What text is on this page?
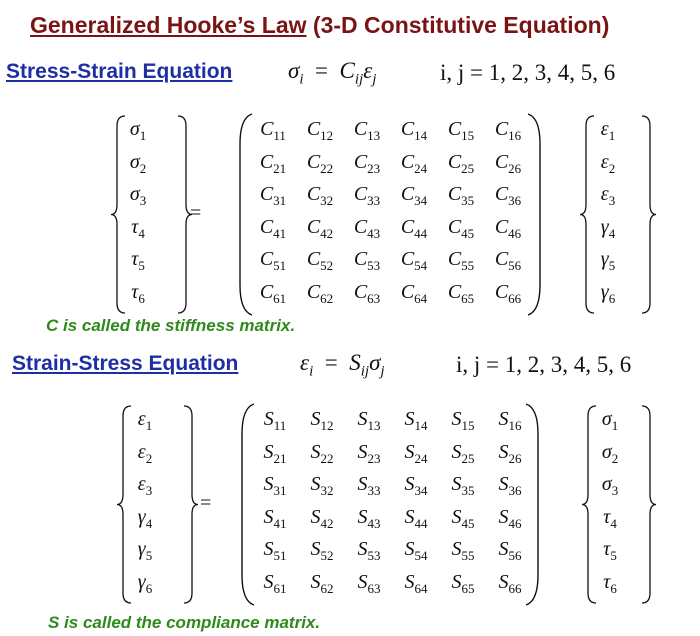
Generalized Hooke’s Law (3-D Constitutive Equation)
Stress-Strain Equation $\sigma_i = C_{ij}\varepsilon_j$	i, j = 1, 2, 3, 4, 5, 6
Strain-Stress Equation	$\varepsilon_i = S_{ij}\sigma_j$	i, j = 1, 2, 3, 4, 5, 6
C is called the stiffness matrix.
S is called the compliance matrix.
$\sigma_1$
$\sigma_2$
$\sigma_3$
$\tau_4$
$\tau_5$
$\tau_6$
=
$C_{11}$	$C_{12}$	$C_{13}$	$C_{14}$	$C_{15}$	$C_{16}$
$C_{21}$	$C_{22}$	$C_{23}$	$C_{24}$	$C_{25}$	$C_{26}$
$C_{31}$	$C_{32}$	$C_{33}$	$C_{34}$	$C_{35}$	$C_{36}$
$C_{41}$	$C_{42}$	$C_{43}$	$C_{44}$	$C_{45}$	$C_{46}$
$C_{51}$	$C_{52}$	$C_{53}$	$C_{54}$	$C_{55}$	$C_{56}$
$C_{61}$	$C_{62}$	$C_{63}$	$C_{64}$	$C_{65}$	$C_{66}$
$\varepsilon_1$
$\varepsilon_2$
$\varepsilon_3$
$\gamma_4$
$\gamma_5$
$\gamma_6$
$\varepsilon_1$
$\varepsilon_2$
$\varepsilon_3$
$\gamma_4$
$\gamma_5$
$\gamma_6$
=
$S_{11}$	$S_{12}$	$S_{13}$	$S_{14}$	$S_{15}$	$S_{16}$
$S_{21}$	$S_{22}$	$S_{23}$	$S_{24}$	$S_{25}$	$S_{26}$
$S_{31}$	$S_{32}$	$S_{33}$	$S_{34}$	$S_{35}$	$S_{36}$
$S_{41}$	$S_{42}$	$S_{43}$	$S_{44}$	$S_{45}$	$S_{46}$
$S_{51}$	$S_{52}$	$S_{53}$	$S_{54}$	$S_{55}$	$S_{56}$
$S_{61}$	$S_{62}$	$S_{63}$	$S_{64}$	$S_{65}$	$S_{66}$
$\sigma_1$
$\sigma_2$
$\sigma_3$
$\tau_4$
$\tau_5$
$\tau_6$
